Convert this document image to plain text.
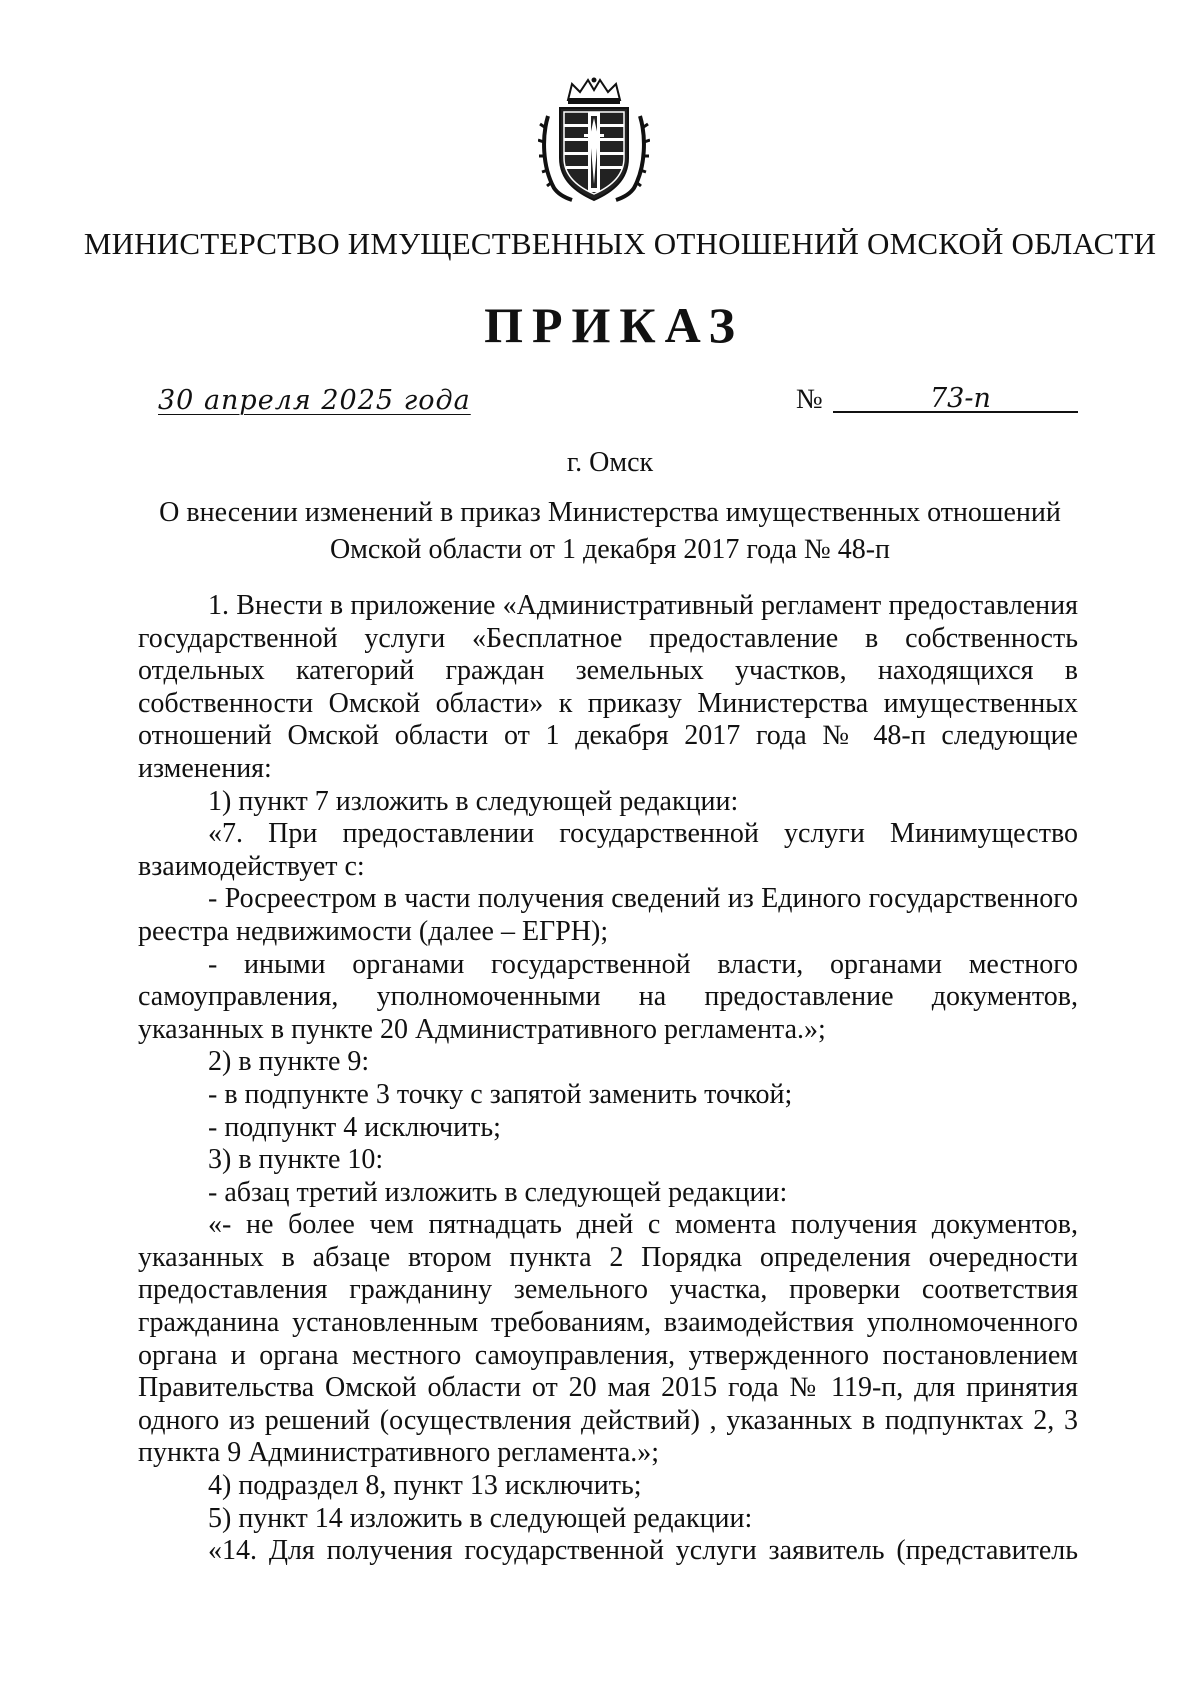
МИНИСТЕРСТВО ИМУЩЕСТВЕННЫХ ОТНОШЕНИЙ ОМСКОЙ ОБЛАСТИ
ПРИКАЗ
30 апреля 2025 года	№	73-п
г. Омск
О внесении изменений в приказ Министерства имущественных отношений
Омской области от 1 декабря 2017 года № 48-п

1. Внести в приложение «Административный регламент предоставления государственной услуги «Бесплатное предоставление в собственность отдельных категорий граждан земельных участков, находящихся в собственности Омской области» к приказу Министерства имущественных отношений Омской области от 1 декабря 2017 года № 48-п следующие изменения:

1) пункт 7 изложить в следующей редакции:

«7. При предоставлении государственной услуги Минимущество взаимодействует с:

- Росреестром в части получения сведений из Единого государственного реестра недвижимости (далее – ЕГРН);

- иными органами государственной власти, органами местного самоуправления, уполномоченными на предоставление документов, указанных в пункте 20 Административного регламента.»;

2) в пункте 9:

- в подпункте 3 точку с запятой заменить точкой;

- подпункт 4 исключить;

3) в пункте 10:

- абзац третий изложить в следующей редакции:

«- не более чем пятнадцать дней с момента получения документов, указанных в абзаце втором пункта 2 Порядка определения очередности предоставления гражданину земельного участка, проверки соответствия гражданина установленным требованиям, взаимодействия уполномоченного органа и органа местного самоуправления, утвержденного постановлением Правительства Омской области от 20 мая 2015 года № 119-п, для принятия одного из решений (осуществления действий) , указанных в подпунктах 2, 3 пункта 9 Административного регламента.»;

4) подраздел 8, пункт 13 исключить;

5) пункт 14 изложить в следующей редакции:

«14. Для получения государственной услуги заявитель (представитель
